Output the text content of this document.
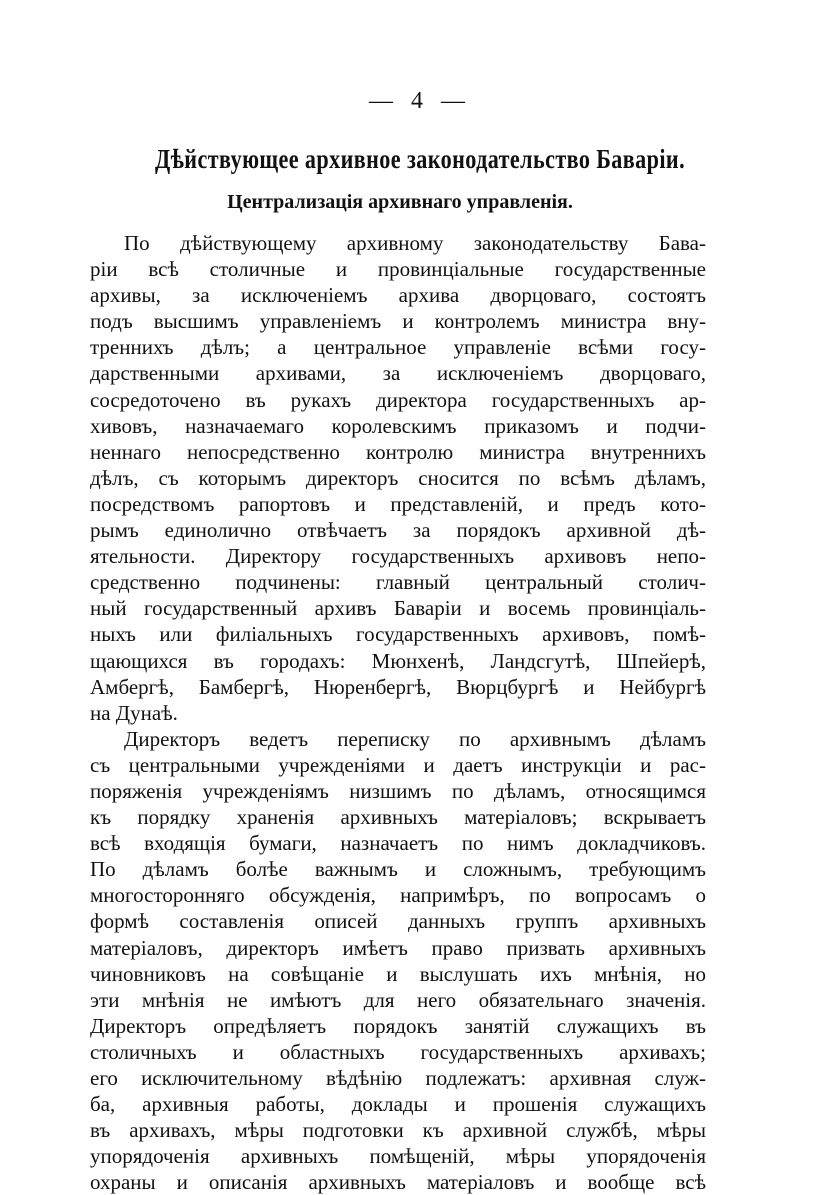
— 4 —
Дѣйствующее архивное законодательство Баваріи.
Централизація архивнаго управленія.
По дѣйствующему архивному законодательству Бава-
ріи всѣ столичные и провинціальные государственные
архивы, за исключеніемъ архива дворцоваго, состоятъ
подъ высшимъ управленіемъ и контролемъ министра вну-
треннихъ дѣлъ; а центральное управленіе всѣми госу-
дарственными архивами, за исключеніемъ дворцоваго,
сосредоточено въ рукахъ директора государственныхъ ар-
хивовъ, назначаемаго королевскимъ приказомъ и подчи-
неннаго непосредственно контролю министра внутреннихъ
дѣлъ, съ которымъ директоръ сносится по всѣмъ дѣламъ,
посредствомъ рапортовъ и представленій, и предъ кото-
рымъ единолично отвѣчаетъ за порядокъ архивной дѣ-
ятельности. Директору государственныхъ архивовъ непо-
средственно подчинены: главный центральный столич-
ный государственный архивъ Баваріи и восемь провинціаль-
ныхъ или филіальныхъ государственныхъ архивовъ, помѣ-
щающихся въ городахъ: Мюнхенѣ, Ландсгутѣ, Шпейерѣ,
Амбергѣ, Бамбергѣ, Нюренбергѣ, Вюрцбургѣ и Нейбургѣ
на Дунаѣ.
Директоръ ведетъ переписку по архивнымъ дѣламъ
съ центральными учрежденіями и даетъ инструкціи и рас-
поряженія учрежденіямъ низшимъ по дѣламъ, относящимся
къ порядку храненія архивныхъ матеріаловъ; вскрываетъ
всѣ входящія бумаги, назначаетъ по нимъ докладчиковъ.
По дѣламъ болѣе важнымъ и сложнымъ, требующимъ
многосторонняго обсужденія, напримѣръ, по вопросамъ о
формѣ составленія описей данныхъ группъ архивныхъ
матеріаловъ, директоръ имѣетъ право призвать архивныхъ
чиновниковъ на совѣщаніе и выслушать ихъ мнѣнія, но
эти мнѣнія не имѣютъ для него обязательнаго значенія.
Директоръ опредѣляетъ порядокъ занятій служащихъ въ
столичныхъ и областныхъ государственныхъ архивахъ;
его исключительному вѣдѣнію подлежатъ: архивная служ-
ба, архивныя работы, доклады и прошенія служащихъ
въ архивахъ, мѣры подготовки къ архивной службѣ, мѣры
упорядоченія архивныхъ помѣщеній, мѣры упорядоченія
охраны и описанія архивныхъ матеріаловъ и вообще всѣ
